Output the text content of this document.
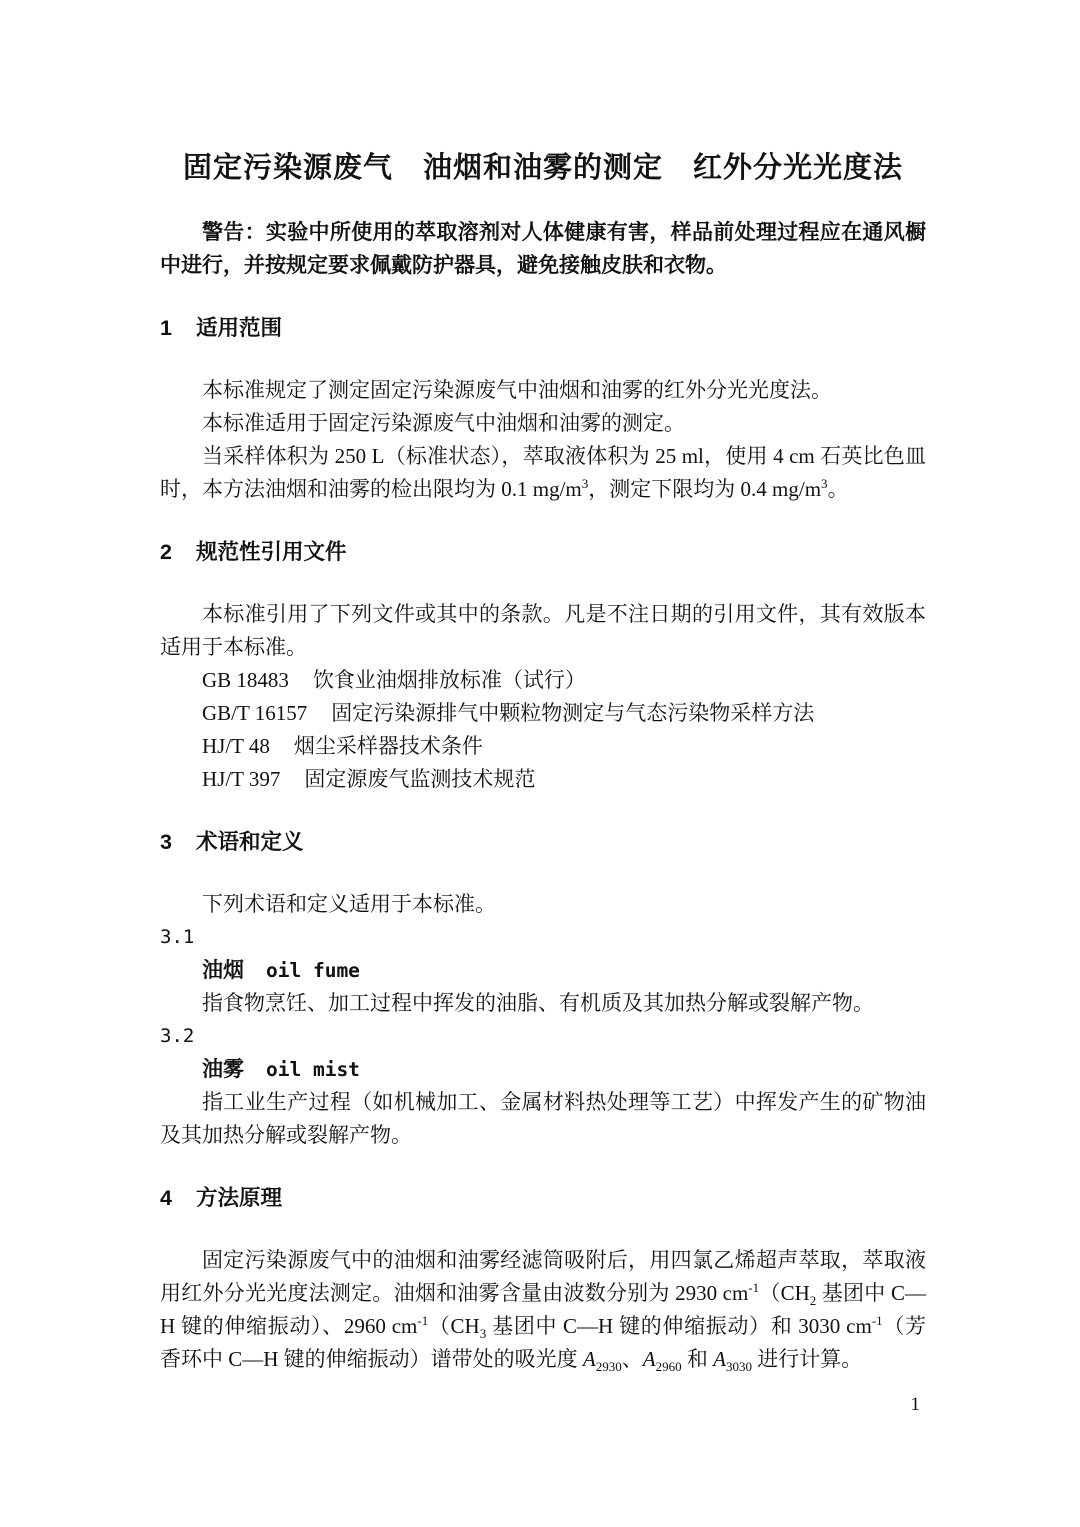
固定污染源废气　油烟和油雾的测定　红外分光光度法

警告：实验中所使用的萃取溶剂对人体健康有害，样品前处理过程应在通风橱中进行，并按规定要求佩戴防护器具，避免接触皮肤和衣物。

1 适用范围

本标准规定了测定固定污染源废气中油烟和油雾的红外分光光度法。

本标准适用于固定污染源废气中油烟和油雾的测定。

当采样体积为 250 L（标准状态），萃取液体积为 25 ml，使用 4 cm 石英比色皿时，本方法油烟和油雾的检出限均为 0.1 $mg/m^3$，测定下限均为 0.4 $mg/m^3$。

2 规范性引用文件

本标准引用了下列文件或其中的条款。凡是不注日期的引用文件，其有效版本适用于本标准。

GB 18483 饮食业油烟排放标准（试行）

GB/T 16157 固定污染源排气中颗粒物测定与气态污染物采样方法

HJ/T 48 烟尘采样器技术条件

HJ/T 397 固定源废气监测技术规范

3 术语和定义

下列术语和定义适用于本标准。

3.1

油烟 oil fume

指食物烹饪、加工过程中挥发的油脂、有机质及其加热分解或裂解产物。

3.2

油雾 oil mist

指工业生产过程（如机械加工、金属材料热处理等工艺）中挥发产生的矿物油及其加热分解或裂解产物。

4 方法原理

固定污染源废气中的油烟和油雾经滤筒吸附后，用四氯乙烯超声萃取，萃取液用红外分光光度法测定。油烟和油雾含量由波数分别为 2930 $cm^{-1}(CH_2$ 基团中 C—H 键的伸缩振动）、2960 $cm^{-1}(CH_3$ 基团中 C—H 键的伸缩振动）和 3030 $cm^{-1}$（芳香环中 C—H 键的伸缩振动）谱带处的吸光度 $A_{2930}$、$A_{2960}$ 和 $A_{3030}$ 进行计算。

1
